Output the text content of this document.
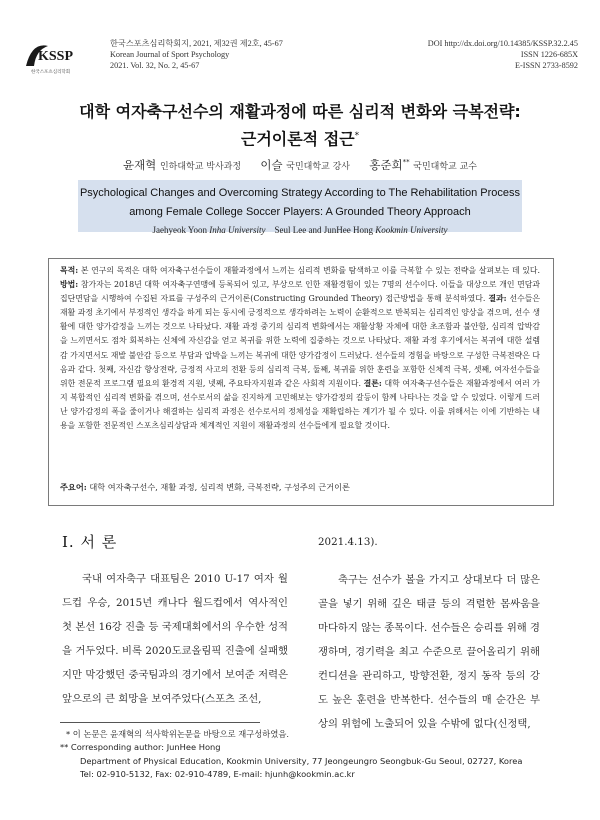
KSSP
한국스포츠심리학회
한국스포츠심리학회지, 2021, 제32권 제2호, 45-67
Korean Journal of Sport Psychology
2021. Vol. 32, No. 2, 45-67
DOI http://dx.doi.org/10.14385/KSSP.32.2.45
ISSN 1226-685X
E-ISSN 2733-8592
대학 여자축구선수의 재활과정에 따른 심리적 변화와 극복전략:
근거이론적 접근*
윤재혁 인하대학교 박사과정 이슬 국민대학교 강사 홍준희** 국민대학교 교수
Psychological Changes and Overcoming Strategy According to The Rehabilitation Process
among Female College Soccer Players: A Grounded Theory Approach
Jaehyeok Yoon Inha University Seul Lee and JunHee Hong Kookmin University
목적: 본 연구의 목적은 대학 여자축구선수들이 재활과정에서 느끼는 심리적 변화를 탐색하고 이를 극복할 수 있는 전략을 살펴보는 데 있다. 방법: 참가자는 2018년 대학 여자축구연맹에 등록되어 있고, 부상으로 인한 재활경험이 있는 7명의 선수이다. 이들을 대상으로 개인 면담과 집단면담을 시행하여 수집된 자료를 구성주의 근거이론(Constructing Grounded Theory) 접근방법을 통해 분석하였다. 결과: 선수들은 재활 과정 초기에서 부정적인 생각을 하게 되는 동시에 긍정적으로 생각하려는 노력이 순환적으로 반복되는 심리적인 양상을 겪으며, 선수 생활에 대한 양가감정을 느끼는 것으로 나타났다. 재활 과정 중기의 심리적 변화에서는 재활상황 자체에 대한 초조함과 불안함, 심리적 압박감을 느끼면서도 점차 회복하는 신체에 자신감을 얻고 복귀를 위한 노력에 집중하는 것으로 나타났다. 재활 과정 후기에서는 복귀에 대한 설렘감 가지면서도 재발 불안감 등으로 부담과 압박을 느끼는 복귀에 대한 양가감정이 드러났다. 선수들의 경험을 바탕으로 구성한 극복전략은 다음과 같다. 첫째, 자신감 향상전략, 긍정적 사고의 전환 등의 심리적 극복, 둘째, 복귀를 위한 훈련을 포함한 신체적 극복, 셋째, 여자선수들을 위한 전문적 프로그램 필요의 환경적 지원, 넷째, 주요타자지원과 같은 사회적 지원이다. 결론: 대학 여자축구선수들은 재활과정에서 여러 가지 복합적인 심리적 변화를 겪으며, 선수로서의 삶을 진지하게 고민해보는 양가감정의 갈등이 함께 나타나는 것을 알 수 있었다. 이렇게 드러난 양가감정의 폭을 줄이거나 해결하는 심리적 과정은 선수로서의 정체성을 재확립하는 계기가 될 수 있다. 이를 위해서는 이에 기반하는 내용을 포함한 전문적인 스포츠심리상담과 체계적인 지원이 재활과정의 선수들에게 필요할 것이다.
주요어: 대학 여자축구선수, 재활 과정, 심리적 변화, 극복전략, 구성주의 근거이론
Ⅰ. 서 론

국내 여자축구 대표팀은 2010 U-17 여자 월드컵 우승, 2015년 캐나다 월드컵에서 역사적인 첫 본선 16강 진출 등 국제대회에서의 우수한 성적을 거두었다. 비록 2020도쿄올림픽 진출에 실패했지만 막강했던 중국팀과의 경기에서 보여준 저력은 앞으로의 큰 희망을 보여주었다(스포츠 조선,

2021.4.13).

축구는 선수가 볼을 가지고 상대보다 더 많은 골을 넣기 위해 깊은 태클 등의 격렬한 몸싸움을 마다하지 않는 종목이다. 선수들은 승리를 위해 경쟁하며, 경기력을 최고 수준으로 끌어올리기 위해 컨디션을 관리하고, 방향전환, 정지 동작 등의 강도 높은 훈련을 반복한다. 선수들의 매 순간은 부상의 위험에 노출되어 있을 수밖에 없다(신정택,

* 이 논문은 윤재혁의 석사학위논문을 바탕으로 재구성하였음.
** Corresponding author: JunHee Hong
Department of Physical Education, Kookmin University, 77 Jeongeungro Seongbuk-Gu Seoul, 02727, Korea
Tel: 02-910-5132, Fax: 02-910-4789, E-mail: hjunh@kookmin.ac.kr
